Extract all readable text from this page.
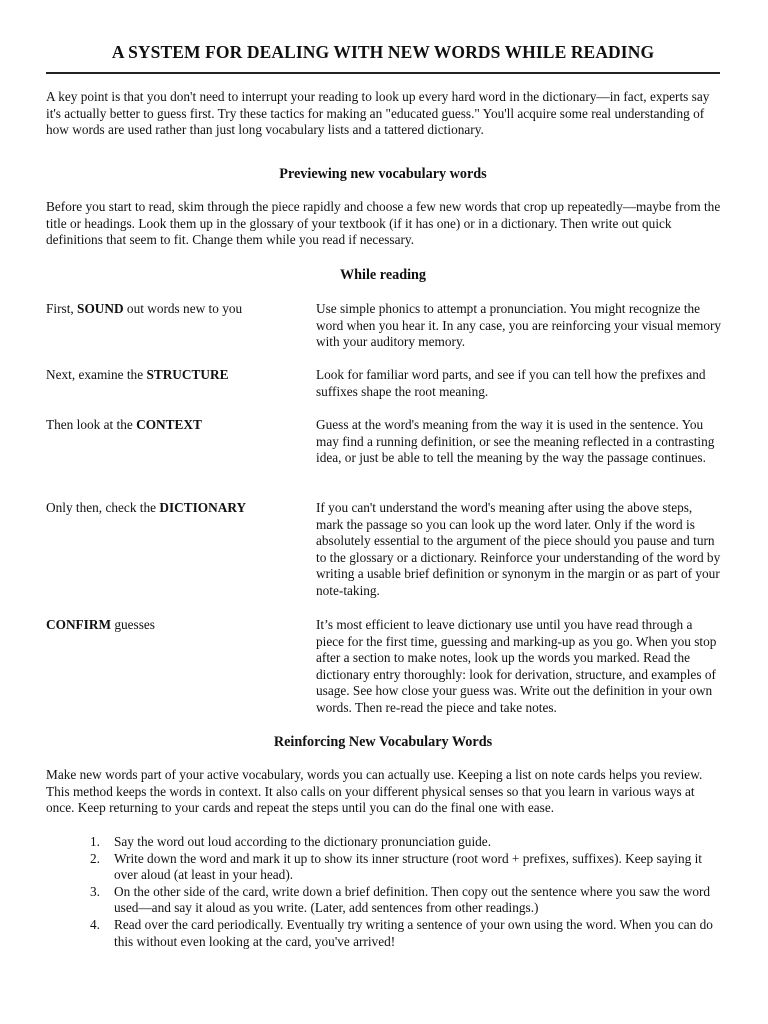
A SYSTEM FOR DEALING WITH NEW WORDS WHILE READING

A key point is that you don't need to interrupt your reading to look up every hard word in the dictionary—in fact, experts say it's actually better to guess first. Try these tactics for making an "educated guess." You'll acquire some real understanding of how words are used rather than just long vocabulary lists and a tattered dictionary.

Previewing new vocabulary words

Before you start to read, skim through the piece rapidly and choose a few new words that crop up repeatedly—maybe from the title or headings. Look them up in the glossary of your textbook (if it has one) or in a dictionary. Then write out quick definitions that seem to fit. Change them while you read if necessary.

While reading
First, SOUND out words new to you	Use simple phonics to attempt a pronunciation. You might recognize the word when you hear it. In any case, you are reinforcing your visual memory with your auditory memory.
Next, examine the STRUCTURE	Look for familiar word parts, and see if you can tell how the prefixes and suffixes shape the root meaning.
Then look at the CONTEXT	Guess at the word's meaning from the way it is used in the sentence. You may find a running definition, or see the meaning reflected in a contrasting idea, or just be able to tell the meaning by the way the passage continues.
Only then, check the DICTIONARY	If you can't understand the word's meaning after using the above steps, mark the passage so you can look up the word later. Only if the word is absolutely essential to the argument of the piece should you pause and turn to the glossary or a dictionary. Reinforce your understanding of the word by writing a usable brief definition or synonym in the margin or as part of your note-taking.
CONFIRM guesses	It’s most efficient to leave dictionary use until you have read through a piece for the first time, guessing and marking-up as you go. When you stop after a section to make notes, look up the words you marked. Read the dictionary entry thoroughly: look for derivation, structure, and examples of usage. See how close your guess was. Write out the definition in your own words. Then re-read the piece and take notes.
Reinforcing New Vocabulary Words

Make new words part of your active vocabulary, words you can actually use. Keeping a list on note cards helps you review. This method keeps the words in context. It also calls on your different physical senses so that you learn in various ways at once. Keep returning to your cards and repeat the steps until you can do the final one with ease.

1. Say the word out loud according to the dictionary pronunciation guide.
2. Write down the word and mark it up to show its inner structure (root word + prefixes, suffixes). Keep saying it over aloud (at least in your head).
3. On the other side of the card, write down a brief definition. Then copy out the sentence where you saw the word used—and say it aloud as you write. (Later, add sentences from other readings.)
4. Read over the card periodically. Eventually try writing a sentence of your own using the word. When you can do this without even looking at the card, you've arrived!
